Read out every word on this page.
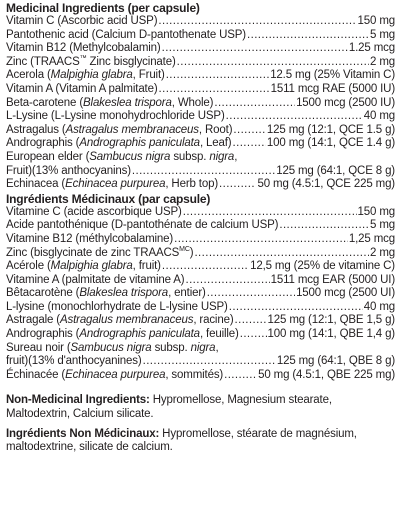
Medicinal Ingredients (per capsule)
Vitamin C (Ascorbic acid USP) .....	150 mg
Pantothenic acid (Calcium D-pantothenate USP) .....	5 mg
Vitamin B12 (Methylcobalamin) .....	1.25 mcg
Zinc (TRAACS™ Zinc bisglycinate) .....	2 mg
Acerola (Malpighia glabra, Fruit) .....	12.5 mg (25% Vitamin C)
Vitamin A (Vitamin A palmitate) .....	1511 mcg RAE (5000 IU)
Beta-carotene (Blakeslea trispora, Whole) .....	1500 mcg (2500 IU)
L-Lysine (L-Lysine monohydrochloride USP) .....	40 mg
Astragalus (Astragalus membranaceus, Root) .....	125 mg (12:1, QCE 1.5 g)
Andrographis (Andrographis paniculata, Leaf) .....	100 mg (14:1, QCE 1.4 g)
European elder (Sambucus nigra subsp. nigra,
Fruit)(13% anthocyanins) .....	125 mg (64:1, QCE 8 g)
Echinacea (Echinacea purpurea, Herb top) .....	50 mg (4.5:1, QCE 225 mg)
Ingrédients Médicinaux (par capsule)
Vitamine C (acide ascorbique USP) .....	150 mg
Acide pantothénique (D-pantothénate de calcium USP) .....	5 mg
Vitamine B12 (méthylcobalamine) .....	1,25 mcg
Zinc (bisglycinate de zinc $TRAACS^{MC}$) .....	2 mg
Acérole (Malpighia glabra, fruit) .....	12,5 mg (25% de vitamine C)
Vitamine A (palmitate de vitamine A) .....	1511 mcg EAR (5000 UI)
Bêtacarotène (Blakeslea trispora, entier) .....	1500 mcg (2500 UI)
L-lysine (monochlorhydrate de L-lysine USP) .....	40 mg
Astragale (Astragalus membranaceus, racine) .....	125 mg (12:1, QBE 1,5 g)
Andrographis (Andrographis paniculata, feuille) .....	100 mg (14:1, QBE 1,4 g)
Sureau noir (Sambucus nigra subsp. nigra,
fruit)(13% d'anthocyanines) .....	125 mg (64:1, QBE 8 g)
Échinacée (Echinacea purpurea, sommités) .....	50 mg (4.5:1, QBE 225 mg)
Non-Medicinal Ingredients: Hypromellose, Magnesium stearate, Maltodextrin, Calcium silicate.
Ingrédients Non Médicinaux: Hypromellose, stéarate de magnésium, maltodextrine, silicate de calcium.
